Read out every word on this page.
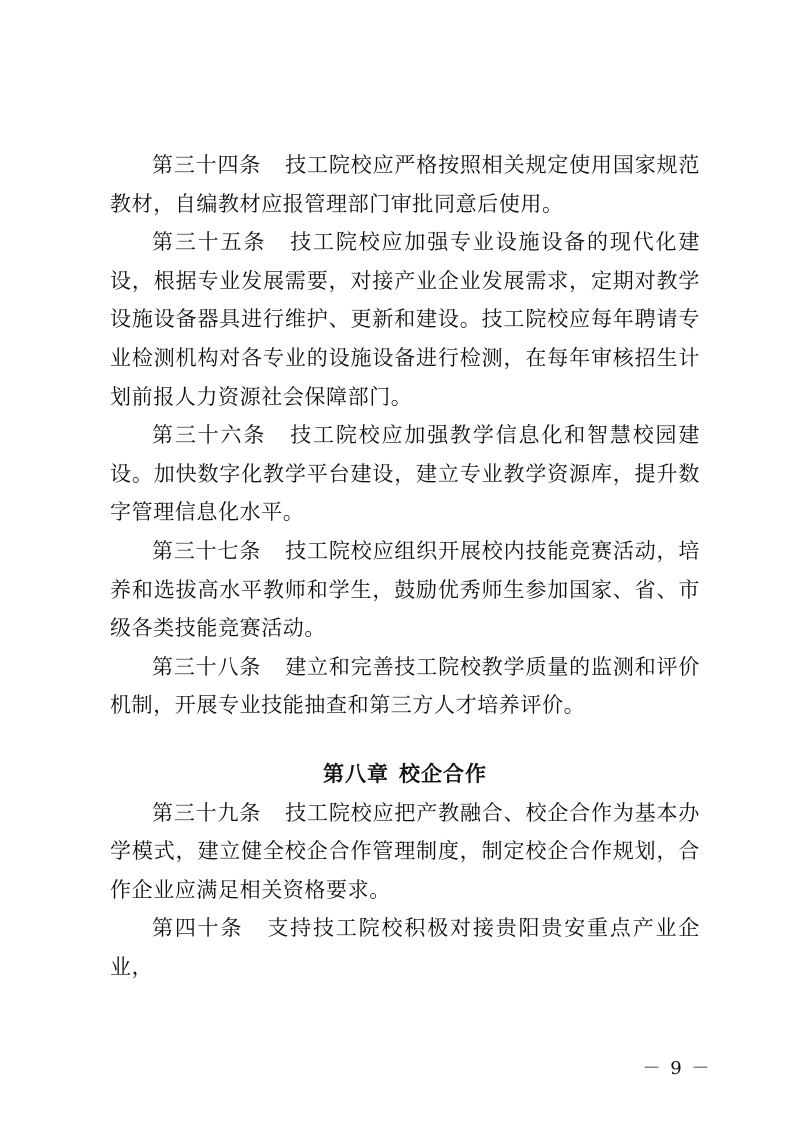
第三十四条 技工院校应严格按照相关规定使用国家规范教材，自编教材应报管理部门审批同意后使用。

第三十五条 技工院校应加强专业设施设备的现代化建设，根据专业发展需要，对接产业企业发展需求，定期对教学设施设备器具进行维护、更新和建设。技工院校应每年聘请专业检测机构对各专业的设施设备进行检测，在每年审核招生计划前报人力资源社会保障部门。

第三十六条 技工院校应加强教学信息化和智慧校园建设。加快数字化教学平台建设，建立专业教学资源库，提升数字管理信息化水平。

第三十七条 技工院校应组织开展校内技能竞赛活动，培养和选拔高水平教师和学生，鼓励优秀师生参加国家、省、市级各类技能竞赛活动。

第三十八条 建立和完善技工院校教学质量的监测和评价机制，开展专业技能抽查和第三方人才培养评价。

第八章 校企合作

第三十九条 技工院校应把产教融合、校企合作为基本办学模式，建立健全校企合作管理制度，制定校企合作规划，合作企业应满足相关资格要求。

第四十条 支持技工院校积极对接贵阳贵安重点产业企业，

－ 9 －
